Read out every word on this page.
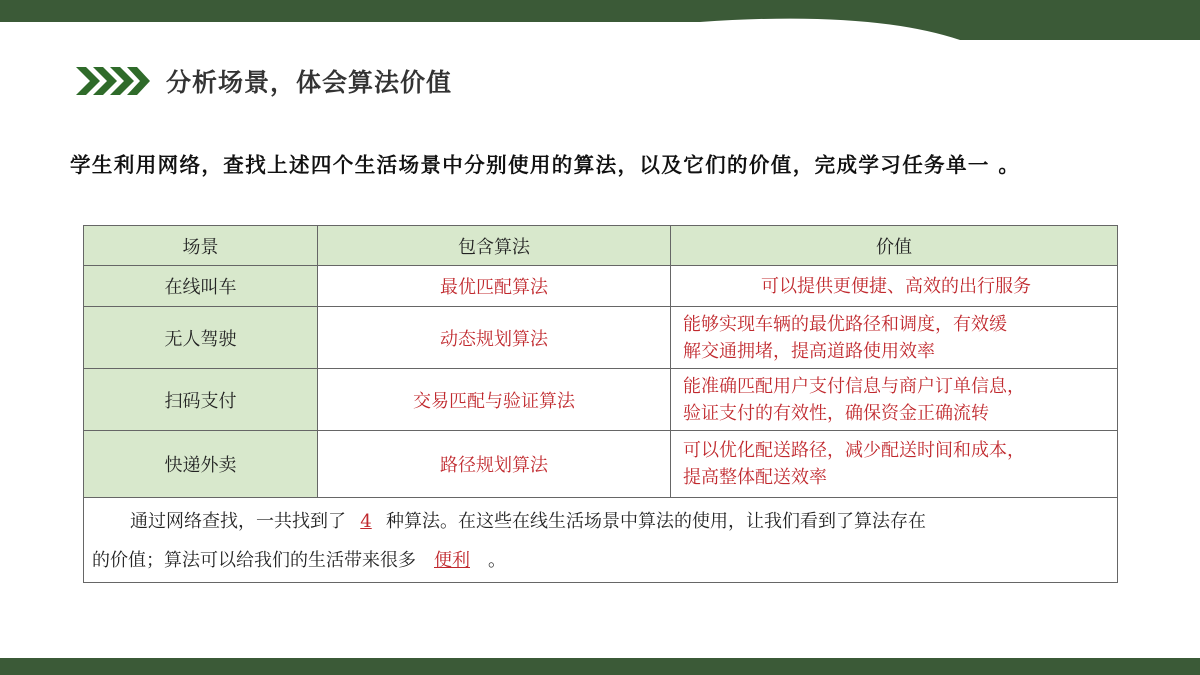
分析场景，体会算法价值
学生利用网络，查找上述四个生活场景中分别使用的算法，以及它们的价值，完成学习任务单一 。
场景	包含算法	价值
在线叫车	最优匹配算法	可以提供更便捷、高效的出行服务
无人驾驶	动态规划算法	能够实现车辆的最优路径和调度，有效缓
解交通拥堵，提高道路使用效率

扫码支付	交易匹配与验证算法	能准确匹配用户支付信息与商户订单信息，
验证支付的有效性，确保资金正确流转

快递外卖	路径规划算法	可以优化配送路径，减少配送时间和成本，
提高整体配送效率

通过网络查找，一共找到了 4 种算法。在这些在线生活场景中算法的使用，让我们看到了算法存在
的价值；算法可以给我们的生活带来很多 便利 。		
